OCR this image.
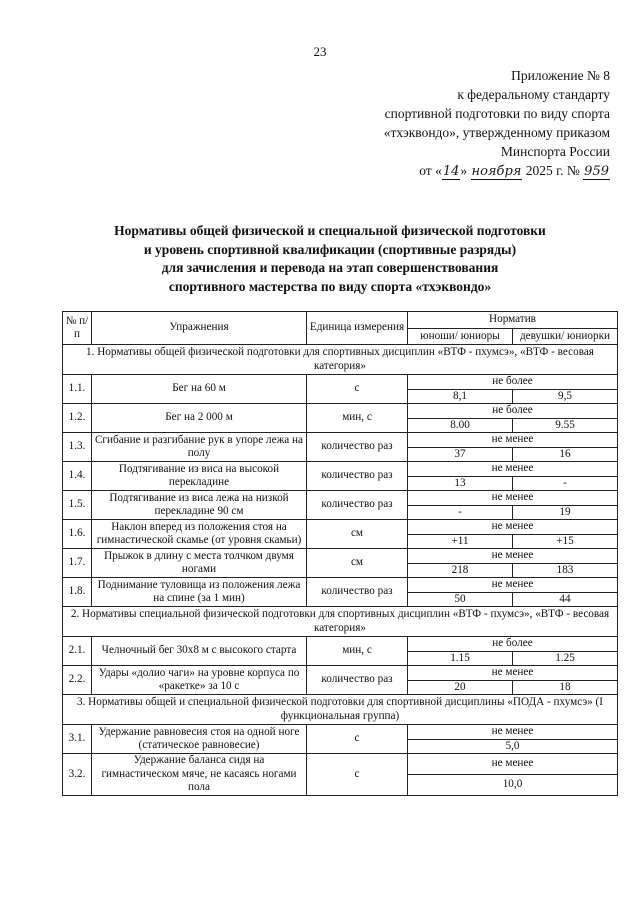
23
Приложение № 8
к федеральному стандарту
спортивной подготовки по виду спорта
«тхэквондо», утвержденному приказом
Минспорта России
от «14» ноября 2025 г. № 959
Нормативы общей физической и специальной физической подготовки
и уровень спортивной квалификации (спортивные разряды)
для зачисления и перевода на этап совершенствования
спортивного мастерства по виду спорта «тхэквондо»
№ п/п	Упражнения	Единица измерения	Норматив	
			юноши/ юниоры	девушки/ юниорки
1. Нормативы общей физической подготовки для спортивных дисциплин «ВТФ - пхумсэ», «ВТФ - весовая категория»				
1.1.	Бег на 60 м	с	не более	
			8,1	9,5
1.2.	Бег на 2 000 м	мин, с	не более	
			8.00	9.55
1.3.	Сгибание и разгибание рук в упоре лежа на полу	количество раз	не менее	
			37	16
1.4.	Подтягивание из виса на высокой перекладине	количество раз	не менее	
			13	-
1.5.	Подтягивание из виса лежа на низкой перекладине 90 см	количество раз	не менее	
			-	19
1.6.	Наклон вперед из положения стоя на гимнастической скамье (от уровня скамьи)	см	не менее	
			+11	+15
1.7.	Прыжок в длину с места толчком двумя ногами	см	не менее	
			218	183
1.8.	Поднимание туловища из положения лежа на спине (за 1 мин)	количество раз	не менее	
			50	44
2. Нормативы специальной физической подготовки для спортивных дисциплин «ВТФ - пхумсэ», «ВТФ - весовая категория»				
2.1.	Челночный бег 30х8 м с высокого старта	мин, с	не более	
			1.15	1.25
2.2.	Удары «долио чаги» на уровне корпуса по «ракетке» за 10 с	количество раз	не менее	
			20	18
3. Нормативы общей и специальной физической подготовки для спортивной дисциплины «ПОДА - пхумсэ» (I функциональная группа)				
3.1.	Удержание равновесия стоя на одной ноге (статическое равновесие)	с	не менее	
			5,0	
3.2.	Удержание баланса сидя на гимнастическом мяче, не касаясь ногами пола	с	не менее	
			10,0	
